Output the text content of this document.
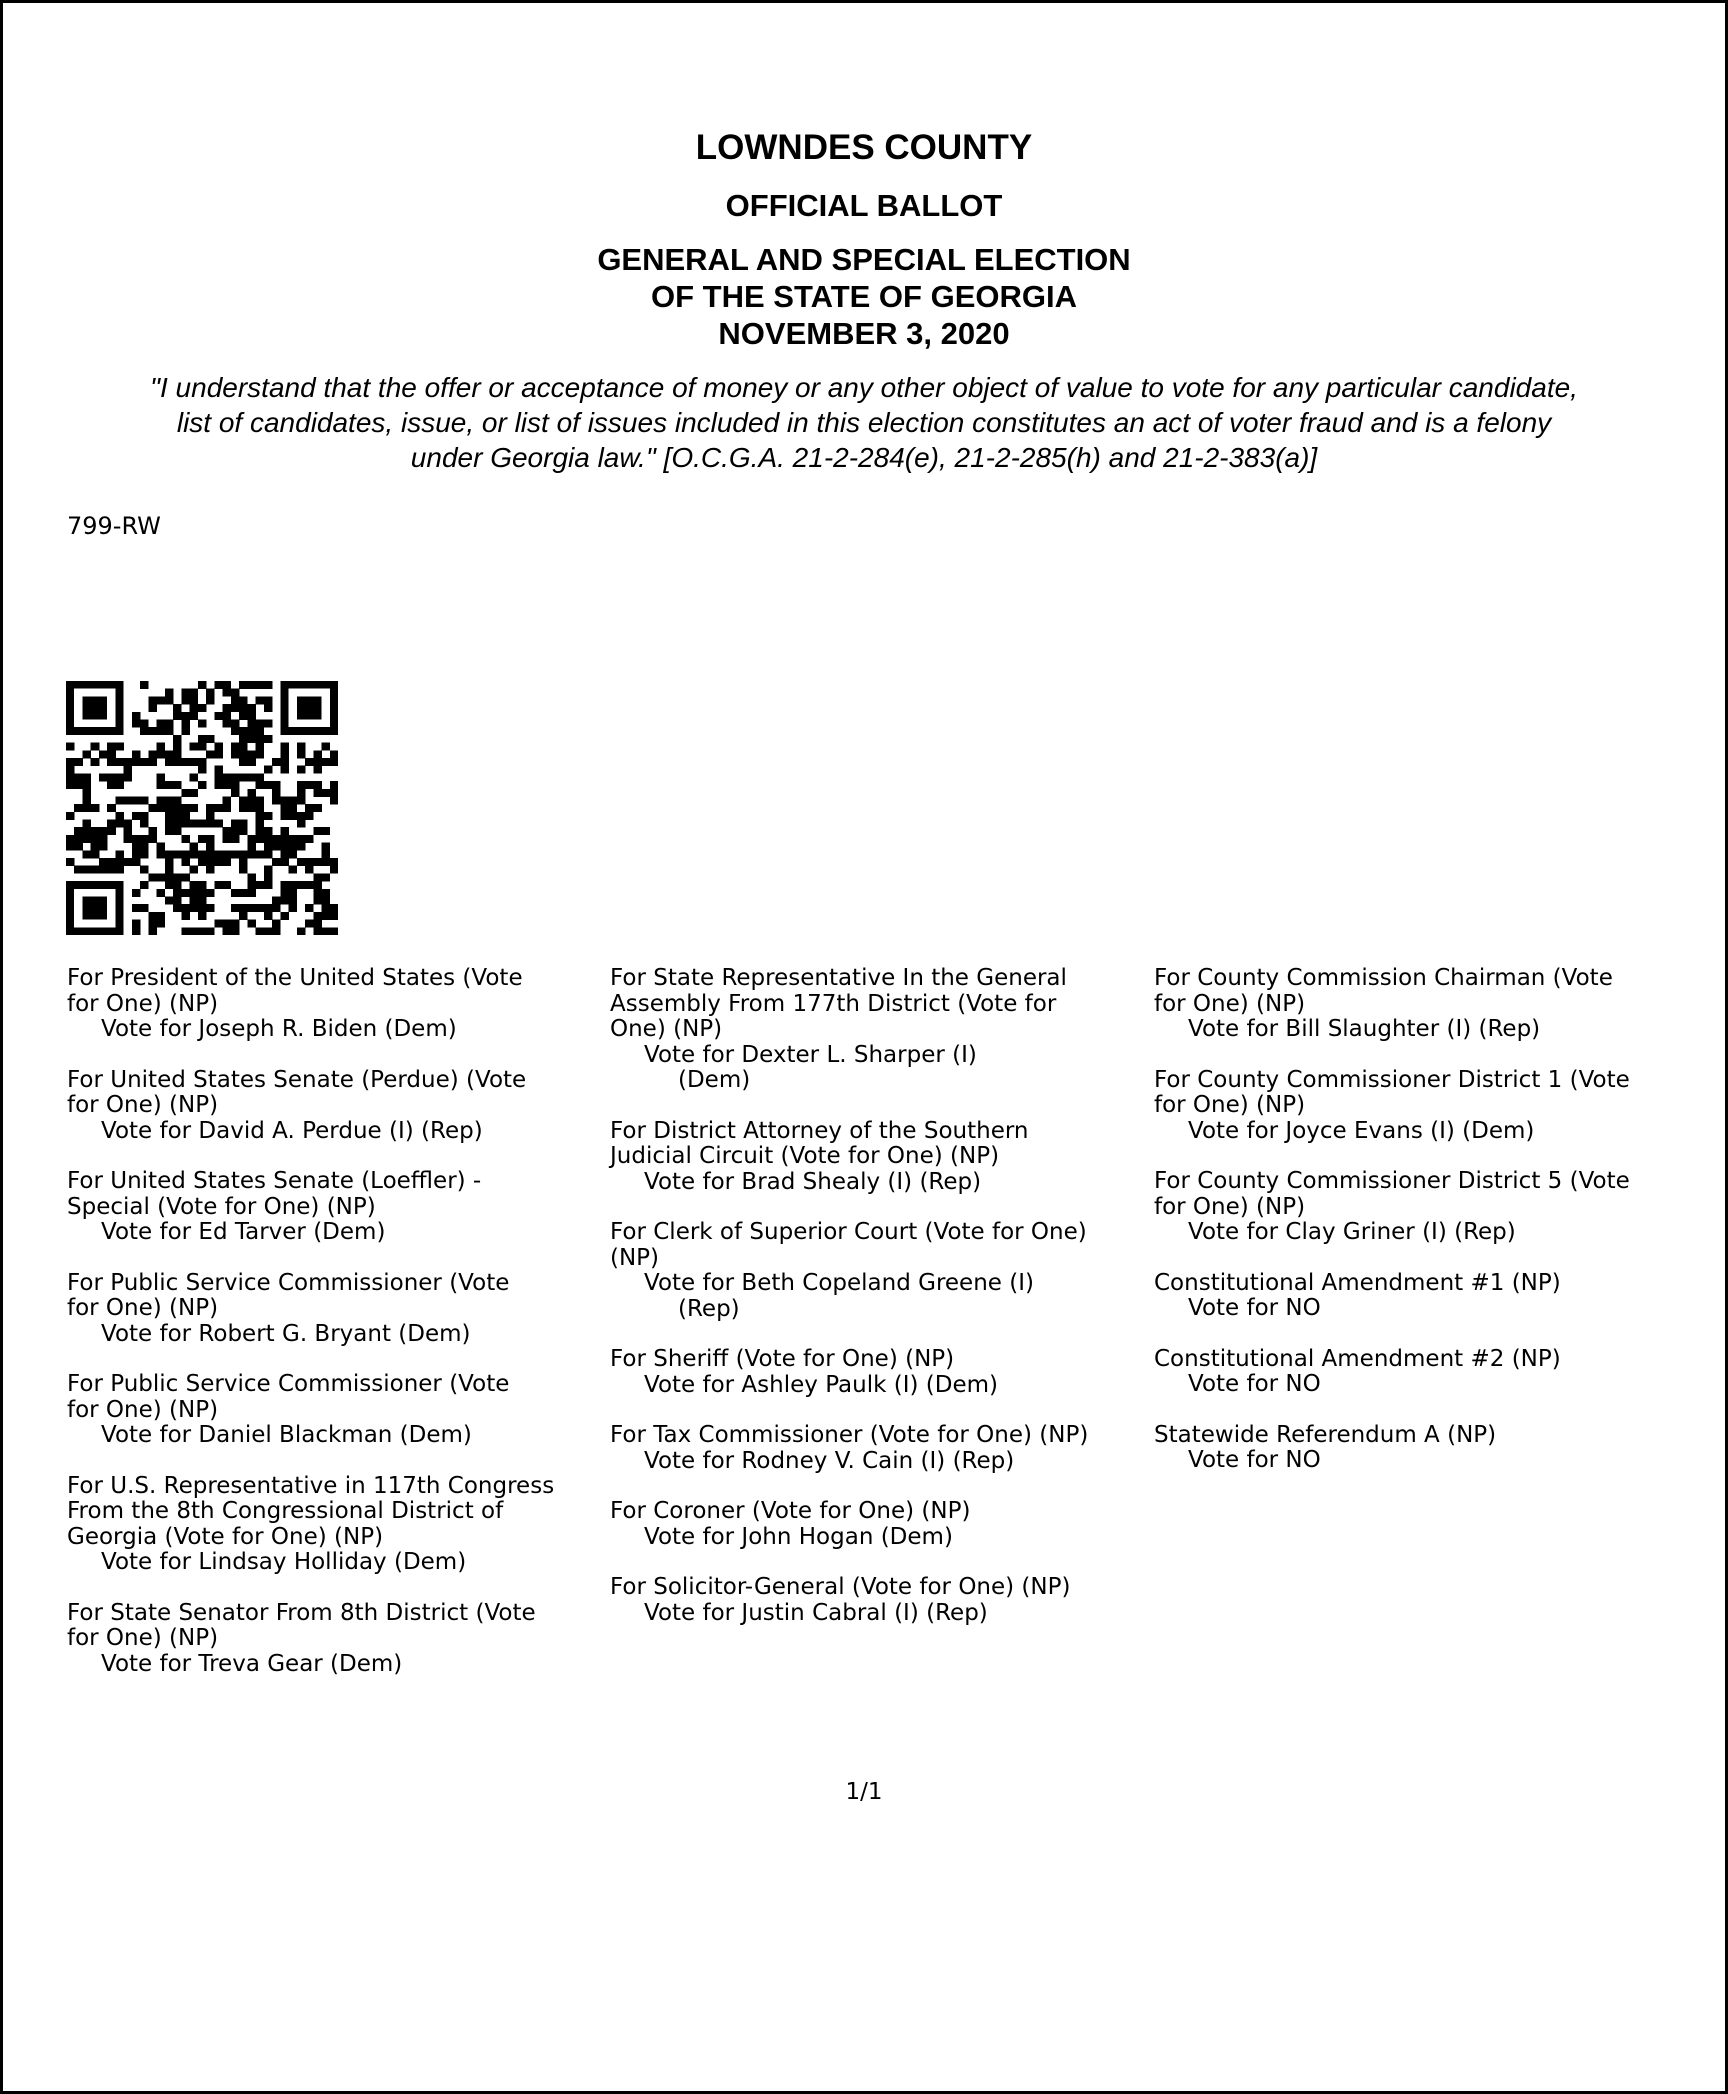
LOWNDES COUNTY
OFFICIAL BALLOT
GENERAL AND SPECIAL ELECTION
OF THE STATE OF GEORGIA
NOVEMBER 3, 2020
"I understand that the offer or acceptance of money or any other object of value to vote for any particular candidate,
list of candidates, issue, or list of issues included in this election constitutes an act of voter fraud and is a felony
under Georgia law." [O.C.G.A. 21-2-284(e), 21-2-285(h) and 21-2-383(a)]
799-RW
For President of the United States (Vote
for One) (NP)
Vote for Joseph R. Biden (Dem)
For United States Senate (Perdue) (Vote
for One) (NP)
Vote for David A. Perdue (I) (Rep)
For United States Senate (Loeffler) -
Special (Vote for One) (NP)
Vote for Ed Tarver (Dem)
For Public Service Commissioner (Vote
for One) (NP)
Vote for Robert G. Bryant (Dem)
For Public Service Commissioner (Vote
for One) (NP)
Vote for Daniel Blackman (Dem)
For U.S. Representative in 117th Congress
From the 8th Congressional District of
Georgia (Vote for One) (NP)
Vote for Lindsay Holliday (Dem)
For State Senator From 8th District (Vote
for One) (NP)
Vote for Treva Gear (Dem)
For State Representative In the General
Assembly From 177th District (Vote for
One) (NP)
Vote for Dexter L. Sharper (I)
(Dem)
For District Attorney of the Southern
Judicial Circuit (Vote for One) (NP)
Vote for Brad Shealy (I) (Rep)
For Clerk of Superior Court (Vote for One)
(NP)
Vote for Beth Copeland Greene (I)
(Rep)
For Sheriff (Vote for One) (NP)
Vote for Ashley Paulk (I) (Dem)
For Tax Commissioner (Vote for One) (NP)
Vote for Rodney V. Cain (I) (Rep)
For Coroner (Vote for One) (NP)
Vote for John Hogan (Dem)
For Solicitor-General (Vote for One) (NP)
Vote for Justin Cabral (I) (Rep)
For County Commission Chairman (Vote
for One) (NP)
Vote for Bill Slaughter (I) (Rep)
For County Commissioner District 1 (Vote
for One) (NP)
Vote for Joyce Evans (I) (Dem)
For County Commissioner District 5 (Vote
for One) (NP)
Vote for Clay Griner (I) (Rep)
Constitutional Amendment #1 (NP)
Vote for NO
Constitutional Amendment #2 (NP)
Vote for NO
Statewide Referendum A (NP)
Vote for NO
1/1
